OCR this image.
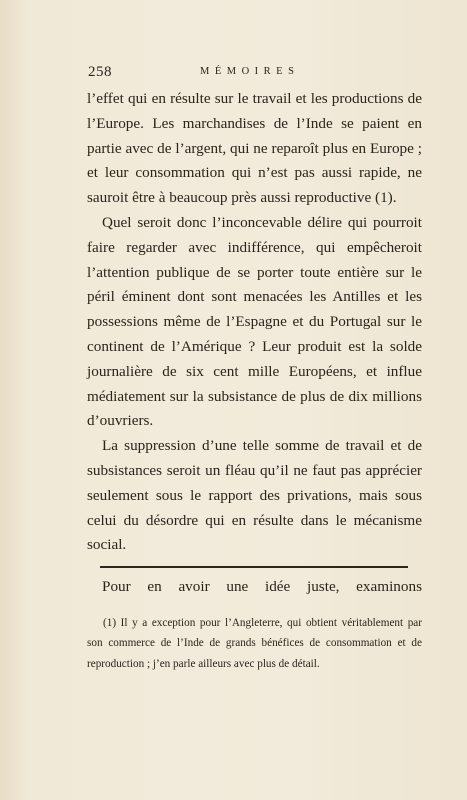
258	MÉMOIRES

l’effet qui en résulte sur le travail et les productions de l’Europe. Les marchandises de l’Inde se paient en partie avec de l’argent, qui ne reparoît plus en Europe ; et leur consommation qui n’est pas aussi rapide, ne sauroit être à beaucoup près aussi reproductive (1).

Quel seroit donc l’inconcevable délire qui pourroit faire regarder avec indifférence, qui empêcheroit l’attention publique de se porter toute entière sur le péril éminent dont sont menacées les Antilles et les possessions même de l’Espagne et du Portugal sur le continent de l’Amérique ? Leur produit est la solde journalière de six cent mille Européens, et influe médiatement sur la subsistance de plus de dix millions d’ouvriers.

La suppression d’une telle somme de travail et de subsistances seroit un fléau qu’il ne faut pas apprécier seulement sous le rapport des privations, mais sous celui du désordre qui en résulte dans le mécanisme social.

Pour en avoir une idée juste, examinons

(1) Il y a exception pour l’Angleterre, qui obtient véritablement par son commerce de l’Inde de grands bénéfices de consommation et de reproduction ; j’en parle ailleurs avec plus de détail.
